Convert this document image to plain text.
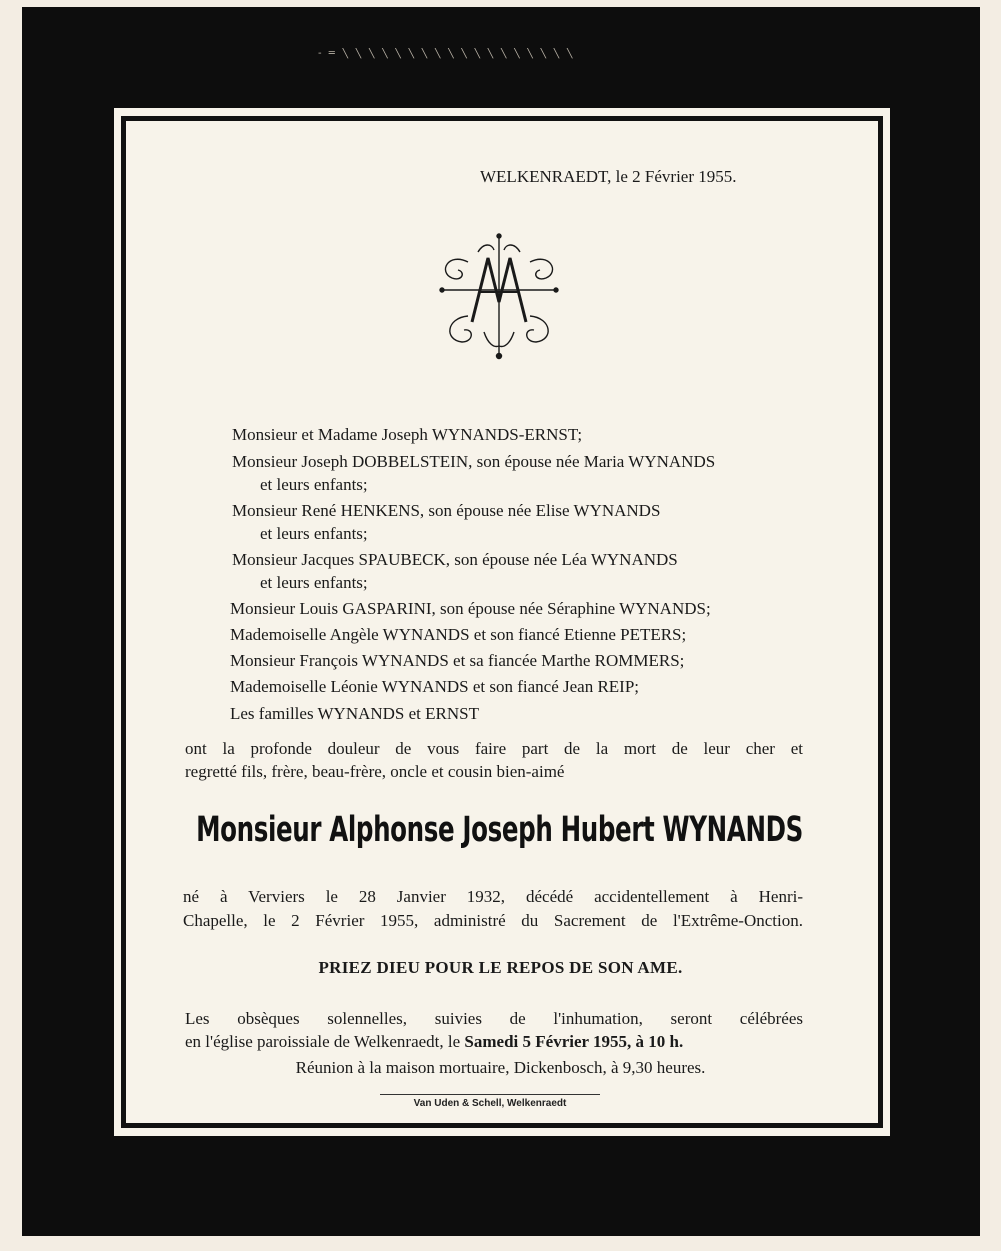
- ═ ╲ ╲ ╲ ╲ ╲ ╲ ╲ ╲ ╲ ╲ ╲ ╲ ╲ ╲ ╲ ╲ ╲ ╲

WELKENRAEDT, le 2 Février 1955.

Monsieur et Madame Joseph WYNANDS-ERNST;

Monsieur Joseph DOBBELSTEIN, son épouse née Maria WYNANDS

et leurs enfants;

Monsieur René HENKENS, son épouse née Elise WYNANDS

et leurs enfants;

Monsieur Jacques SPAUBECK, son épouse née Léa WYNANDS

et leurs enfants;

Monsieur Louis GASPARINI, son épouse née Séraphine WYNANDS;

Mademoiselle Angèle WYNANDS et son fiancé Etienne PETERS;

Monsieur François WYNANDS et sa fiancée Marthe ROMMERS;

Mademoiselle Léonie WYNANDS et son fiancé Jean REIP;

Les familles WYNANDS et ERNST

ont la profonde douleur de vous faire part de la mort de leur cher et

regretté fils, frère, beau-frère, oncle et cousin bien-aimé

Monsieur Alphonse Joseph Hubert WYNANDS

né à Verviers le 28 Janvier 1932, décédé accidentellement à Henri-

Chapelle, le 2 Février 1955, administré du Sacrement de l'Extrême-Onction.

PRIEZ DIEU POUR LE REPOS DE SON AME.

Les obsèques solennelles, suivies de l'inhumation, seront célébrées

en l'église paroissiale de Welkenraedt, le Samedi 5 Février 1955, à 10 h.

Réunion à la maison mortuaire, Dickenbosch, à 9,30 heures.

Van Uden & Schell, Welkenraedt
